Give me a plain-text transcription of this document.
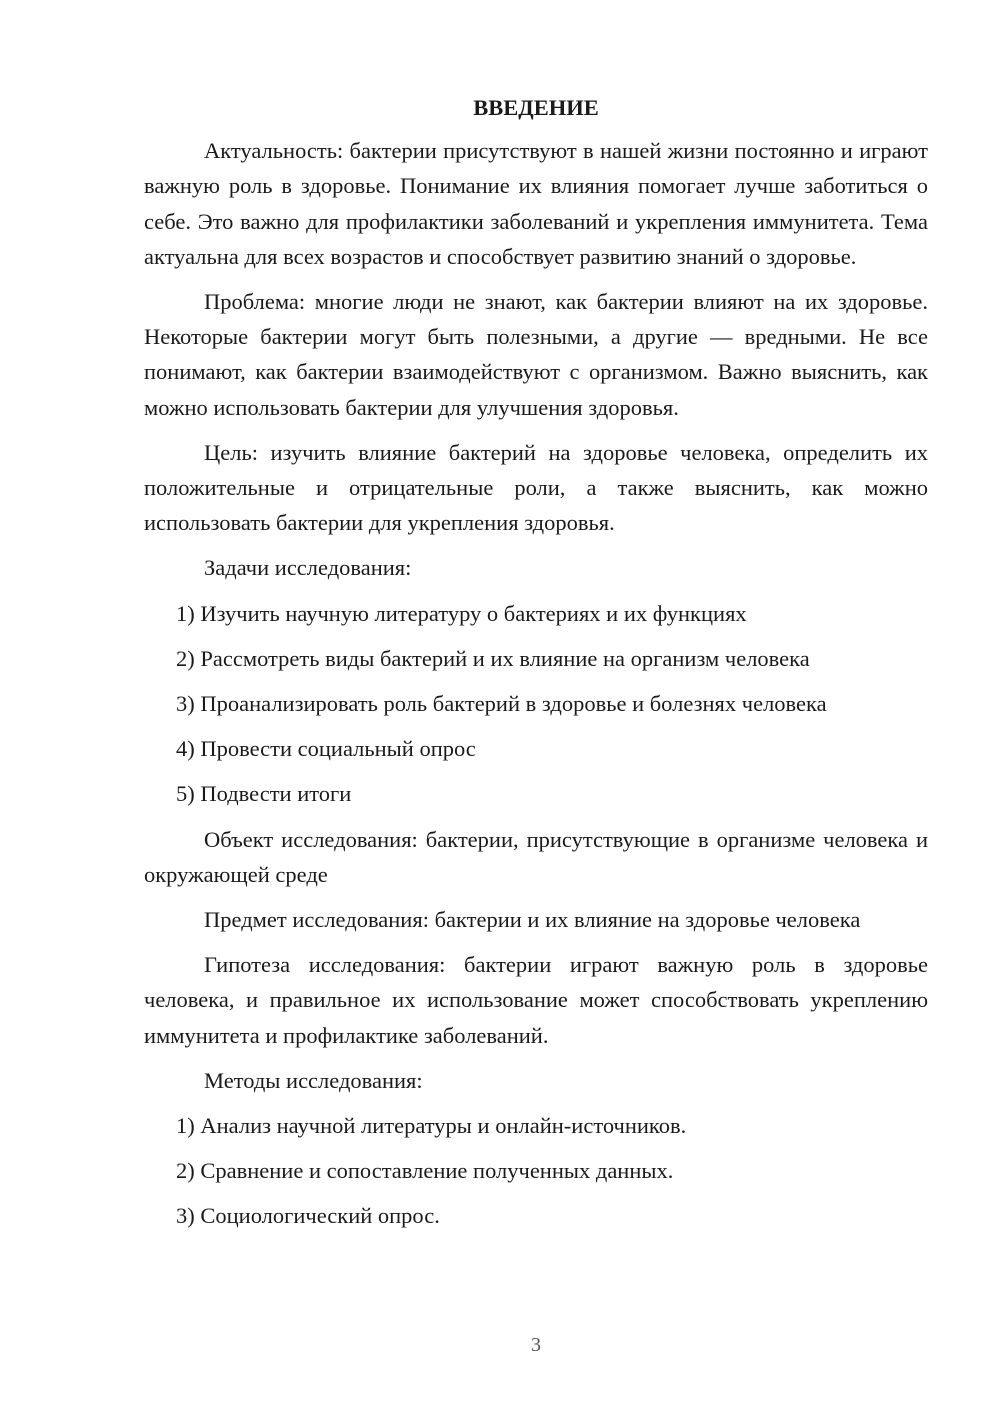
ВВЕДЕНИЕ

Актуальность: бактерии присутствуют в нашей жизни постоянно и играют важную роль в здоровье. Понимание их влияния помогает лучше заботиться о себе. Это важно для профилактики заболеваний и укрепления иммунитета. Тема актуальна для всех возрастов и способствует развитию знаний о здоровье.

Проблема: многие люди не знают, как бактерии влияют на их здоровье. Некоторые бактерии могут быть полезными, а другие — вредными. Не все понимают, как бактерии взаимодействуют с организмом. Важно выяснить, как можно использовать бактерии для улучшения здоровья.

Цель: изучить влияние бактерий на здоровье человека, определить их положительные и отрицательные роли, а также выяснить, как можно использовать бактерии для укрепления здоровья.

Задачи исследования:
1) Изучить научную литературу о бактериях и их функциях
2) Рассмотреть виды бактерий и их влияние на организм человека
3) Проанализировать роль бактерий в здоровье и болезнях человека
4) Провести социальный опрос
5) Подвести итоги

Объект исследования: бактерии, присутствующие в организме человека и окружающей среде

Предмет исследования: бактерии и их влияние на здоровье человека

Гипотеза исследования: бактерии играют важную роль в здоровье человека, и правильное их использование может способствовать укреплению иммунитета и профилактике заболеваний.

Методы исследования:
1) Анализ научной литературы и онлайн-источников.
2) Сравнение и сопоставление полученных данных.
3) Социологический опрос.
3
